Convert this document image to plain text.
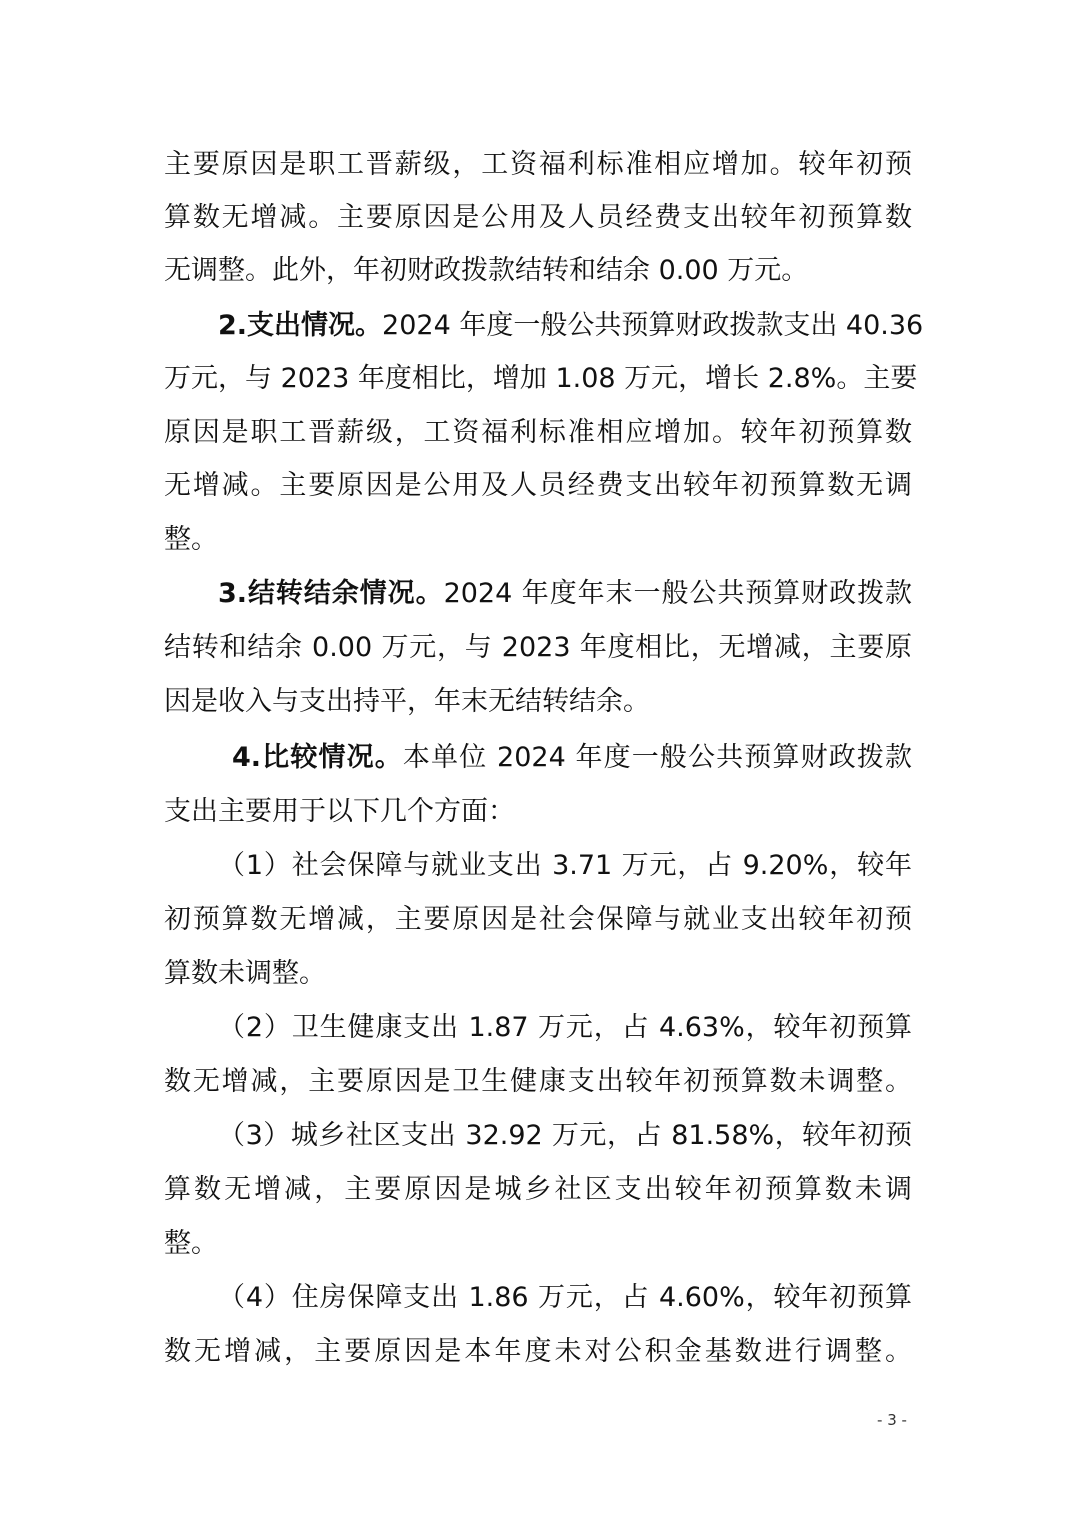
主要原因是职工晋薪级，工资福利标准相应增加。较年初预
算数无增减。主要原因是公用及人员经费支出较年初预算数
无调整。此外，年初财政拨款结转和结余 0.00 万元。
2.支出情况。2024 年度一般公共预算财政拨款支出 40.36
万元，与 2023 年度相比，增加 1.08 万元，增长 2.8%。主要
原因是职工晋薪级，工资福利标准相应增加。较年初预算数
无增减。主要原因是公用及人员经费支出较年初预算数无调
整。
3.结转结余情况。2024 年度年末一般公共预算财政拨款
结转和结余 0.00 万元，与 2023 年度相比，无增减，主要原
因是收入与支出持平，年末无结转结余。
4.比较情况。本单位 2024 年度一般公共预算财政拨款
支出主要用于以下几个方面：
（1）社会保障与就业支出 3.71 万元，占 9.20%，较年
初预算数无增减，主要原因是社会保障与就业支出较年初预
算数未调整。
（2）卫生健康支出 1.87 万元，占 4.63%，较年初预算
数无增减，主要原因是卫生健康支出较年初预算数未调整。
（3）城乡社区支出 32.92 万元，占 81.58%，较年初预
算数无增减，主要原因是城乡社区支出较年初预算数未调
整。
（4）住房保障支出 1.86 万元，占 4.60%，较年初预算
数无增减，主要原因是本年度未对公积金基数进行调整。
- 3 -
